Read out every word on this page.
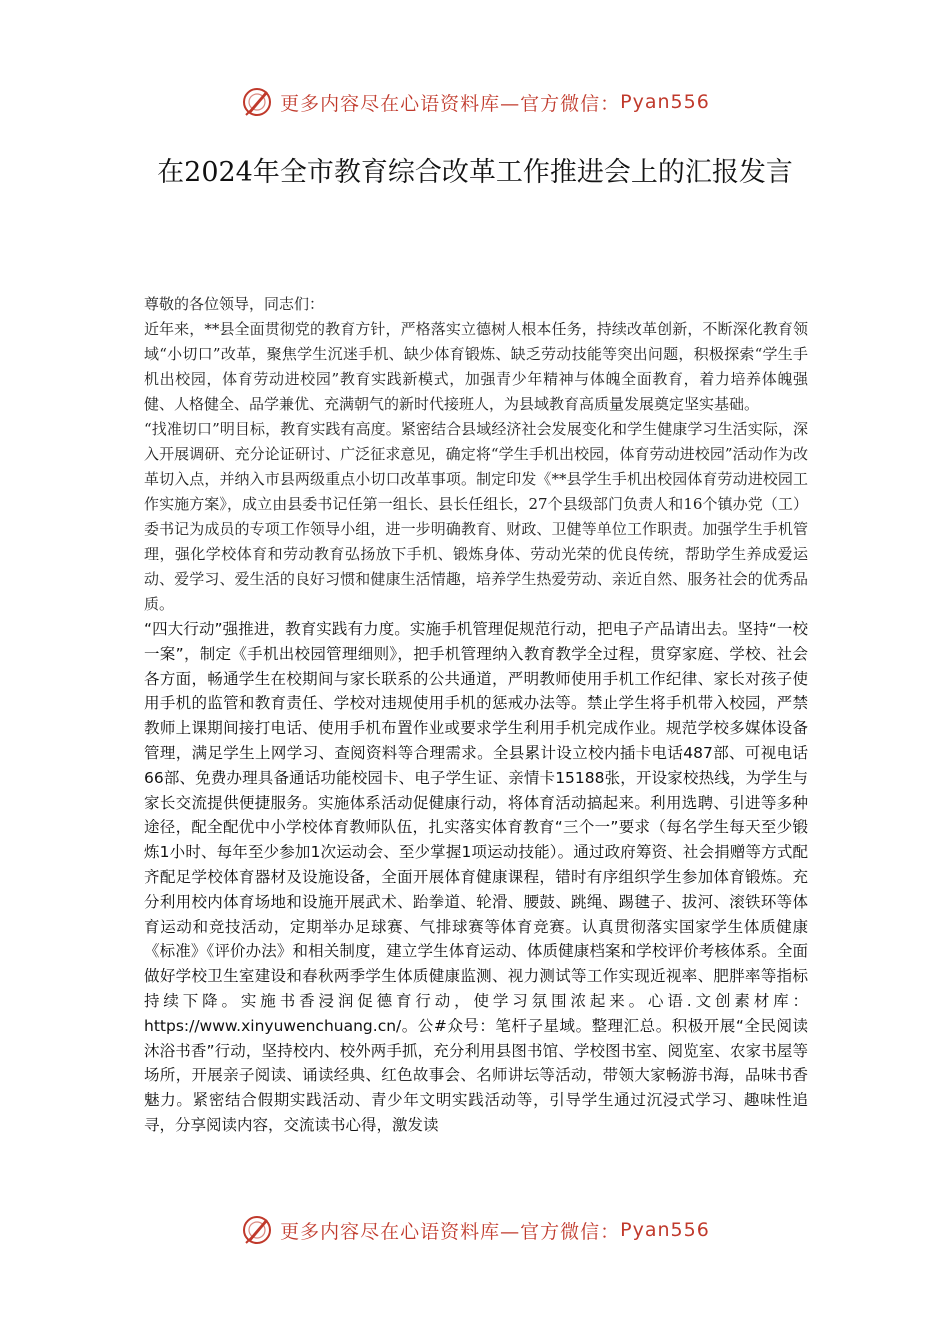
更多内容尽在心语资料库—官方微信： Pyan556
在2024年全市教育综合改革工作推进会上的汇报发言

尊敬的各位领导，同志们：

近年来，**县全面贯彻党的教育方针，严格落实立德树人根本任务，持续改革创新，不断深化教育领域“小切口”改革，聚焦学生沉迷手机、缺少体育锻炼、缺乏劳动技能等突出问题，积极探索“学生手机出校园，体育劳动进校园”教育实践新模式，加强青少年精神与体魄全面教育，着力培养体魄强健、人格健全、品学兼优、充满朝气的新时代接班人，为县域教育高质量发展奠定坚实基础。

“找准切口”明目标，教育实践有高度。紧密结合县域经济社会发展变化和学生健康学习生活实际，深入开展调研、充分论证研讨、广泛征求意见，确定将“学生手机出校园，体育劳动进校园”活动作为改革切入点，并纳入市县两级重点小切口改革事项。制定印发《**县学生手机出校园体育劳动进校园工作实施方案》，成立由县委书记任第一组长、县长任组长，27个县级部门负责人和16个镇办党（工）委书记为成员的专项工作领导小组，进一步明确教育、财政、卫健等单位工作职责。加强学生手机管理，强化学校体育和劳动教育弘扬放下手机、锻炼身体、劳动光荣的优良传统，帮助学生养成爱运动、爱学习、爱生活的良好习惯和健康生活情趣，培养学生热爱劳动、亲近自然、服务社会的优秀品质。

“四大行动”强推进，教育实践有力度。实施手机管理促规范行动，把电子产品请出去。坚持“一校一案”，制定《手机出校园管理细则》，把手机管理纳入教育教学全过程，贯穿家庭、学校、社会各方面，畅通学生在校期间与家长联系的公共通道，严明教师使用手机工作纪律、家长对孩子使用手机的监管和教育责任、学校对违规使用手机的惩戒办法等。禁止学生将手机带入校园，严禁教师上课期间接打电话、使用手机布置作业或要求学生利用手机完成作业。规范学校多媒体设备管理，满足学生上网学习、查阅资料等合理需求。全县累计设立校内插卡电话487部、可视电话66部、免费办理具备通话功能校园卡、电子学生证、亲情卡15188张，开设家校热线，为学生与家长交流提供便捷服务。实施体系活动促健康行动，将体育活动搞起来。利用选聘、引进等多种途径，配全配优中小学校体育教师队伍，扎实落实体育教育“三个一”要求（每名学生每天至少锻炼1小时、每年至少参加1次运动会、至少掌握1项运动技能）。通过政府筹资、社会捐赠等方式配齐配足学校体育器材及设施设备，全面开展体育健康课程，错时有序组织学生参加体育锻炼。充分利用校内体育场地和设施开展武术、跆拳道、轮滑、腰鼓、跳绳、踢毽子、拔河、滚铁环等体育运动和竞技活动，定期举办足球赛、气排球赛等体育竞赛。认真贯彻落实国家学生体质健康《标准》《评价办法》和相关制度，建立学生体育运动、体质健康档案和学校评价考核体系。全面做好学校卫生室建设和春秋两季学生体质健康监测、视力测试等工作实现近视率、肥胖率等指标持续下降。实施书香浸润促德育行动，使学习氛围浓起来。心语.文创素材库：https://www.xinyuwenchuang.cn/。公#众号：笔杆子星域。整理汇总。积极开展“全民阅读沐浴书香”行动，坚持校内、校外两手抓，充分利用县图书馆、学校图书室、阅览室、农家书屋等场所，开展亲子阅读、诵读经典、红色故事会、名师讲坛等活动，带领大家畅游书海，品味书香魅力。紧密结合假期实践活动、青少年文明实践活动等，引导学生通过沉浸式学习、趣味性追寻，分享阅读内容，交流读书心得，激发读

更多内容尽在心语资料库—官方微信： Pyan556
